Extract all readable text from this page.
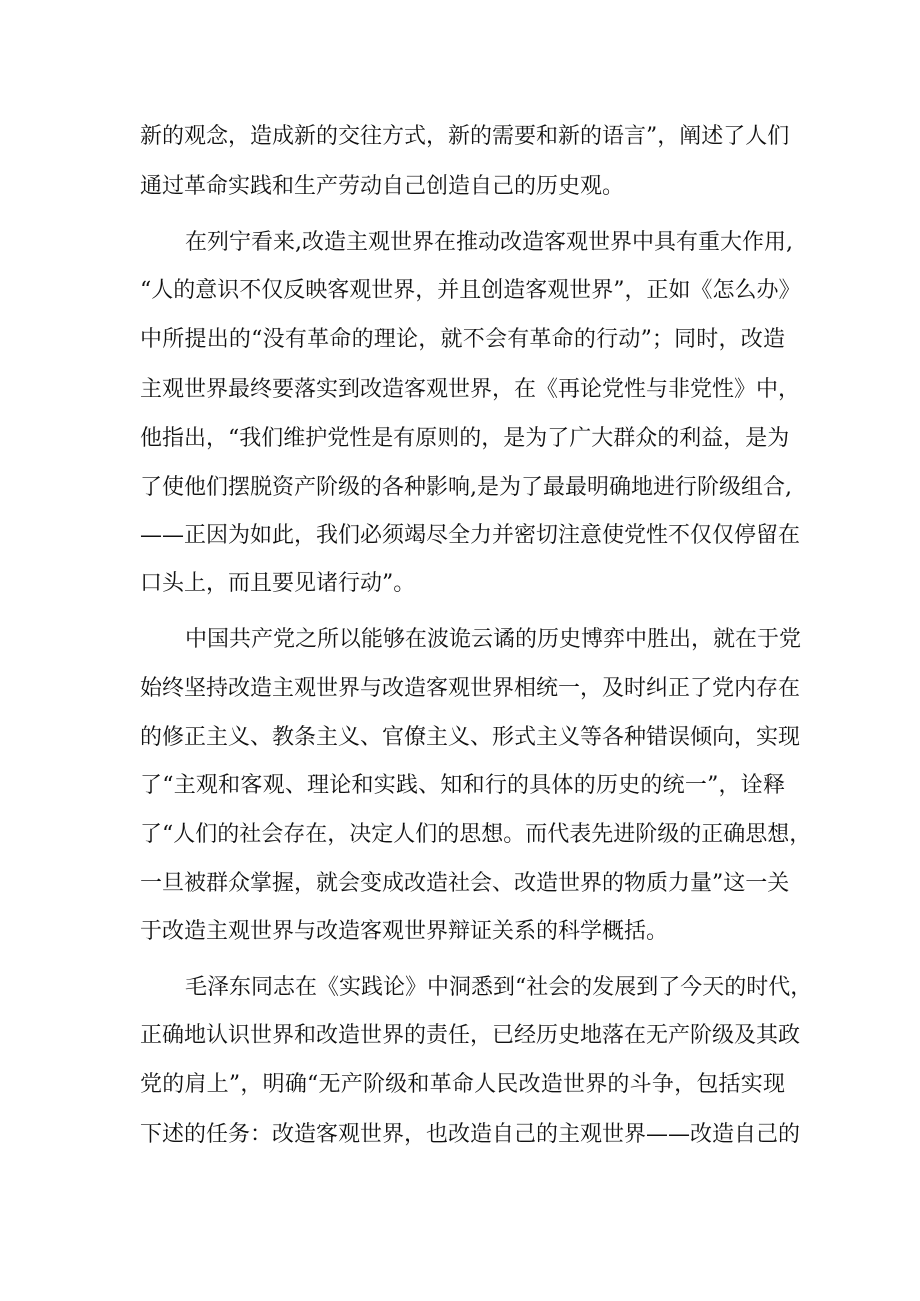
新的观念，造成新的交往方式，新的需要和新的语言”，阐述了人们
通过革命实践和生产劳动自己创造自己的历史观。
在列宁看来,改造主观世界在推动改造客观世界中具有重大作用,
“人的意识不仅反映客观世界，并且创造客观世界”，正如《怎么办》
中所提出的“没有革命的理论，就不会有革命的行动”；同时，改造
主观世界最终要落实到改造客观世界，在《再论党性与非党性》中，
他指出，“我们维护党性是有原则的，是为了广大群众的利益，是为
了使他们摆脱资产阶级的各种影响,是为了最最明确地进行阶级组合,
——正因为如此，我们必须竭尽全力并密切注意使党性不仅仅停留在
口头上，而且要见诸行动”。
中国共产党之所以能够在波诡云谲的历史博弈中胜出，就在于党
始终坚持改造主观世界与改造客观世界相统一，及时纠正了党内存在
的修正主义、教条主义、官僚主义、形式主义等各种错误倾向，实现
了“主观和客观、理论和实践、知和行的具体的历史的统一”，诠释
了“人们的社会存在，决定人们的思想。而代表先进阶级的正确思想，
一旦被群众掌握，就会变成改造社会、改造世界的物质力量”这一关
于改造主观世界与改造客观世界辩证关系的科学概括。
毛泽东同志在《实践论》中洞悉到“社会的发展到了今天的时代，
正确地认识世界和改造世界的责任，已经历史地落在无产阶级及其政
党的肩上”，明确“无产阶级和革命人民改造世界的斗争，包括实现
下述的任务：改造客观世界，也改造自己的主观世界——改造自己的
